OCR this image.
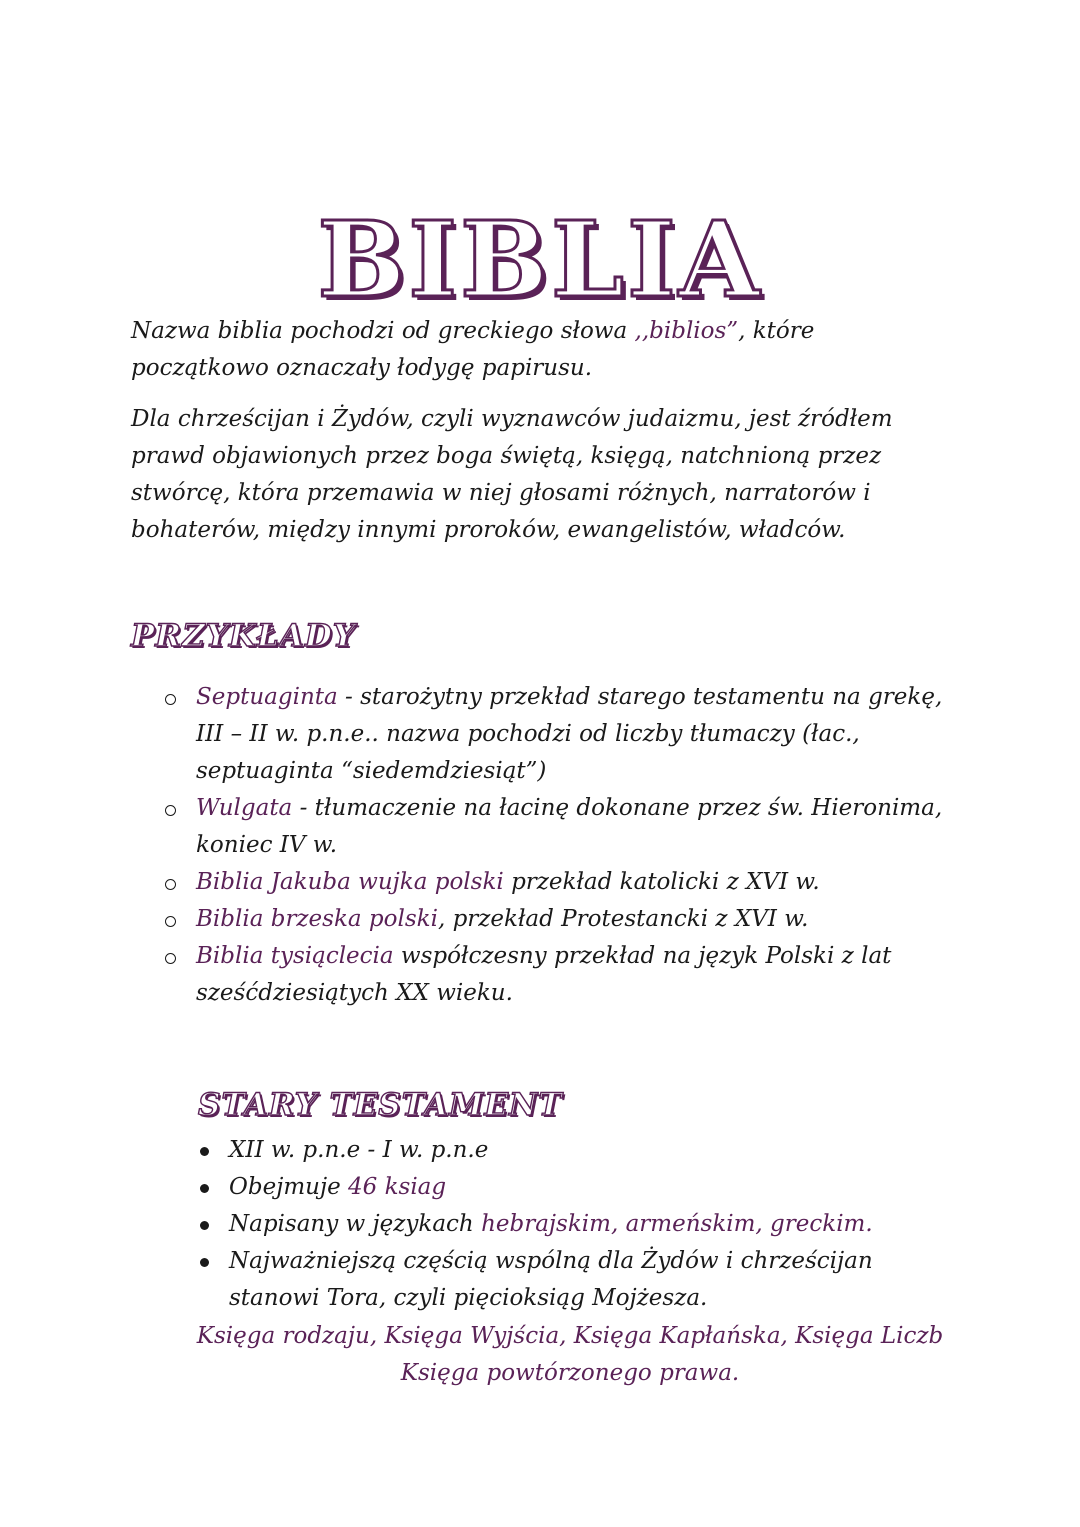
BIBLIA

Nazwa biblia pochodzi od greckiego słowa ,,biblios”, które początkowo oznaczały łodygę papirusu.

Dla chrześcijan i Żydów, czyli wyznawców judaizmu, jest źródłem prawd objawionych przez boga świętą, księgą, natchnioną przez stwórcę, która przemawia w niej głosami różnych, narratorów i bohaterów, między innymi proroków, ewangelistów, władców.

PRZYKŁADY
Septuaginta - starożytny przekład starego testamentu na grekę, III – II w. p.n.e.. nazwa pochodzi od liczby tłumaczy (łac., septuaginta “siedemdziesiąt”)
Wulgata - tłumaczenie na łacinę dokonane przez św. Hieronima, koniec IV w.
Biblia Jakuba wujka polski przekład katolicki z XVI w.
Biblia brzeska polski, przekład Protestancki z XVI w.
Biblia tysiąclecia współczesny przekład na język Polski z lat sześćdziesiątych XX wieku.
STARY TESTAMENT
XII w. p.n.e - I w. p.n.e
Obejmuje 46 ksiag
Napisany w językach hebrajskim, armeńskim, greckim.
Najważniejszą częścią wspólną dla Żydów i chrześcijan stanowi Tora, czyli pięcioksiąg Mojżesza.

Księga rodzaju, Księga Wyjścia, Księga Kapłańska, Księga Liczb
Księga powtórzonego prawa.
